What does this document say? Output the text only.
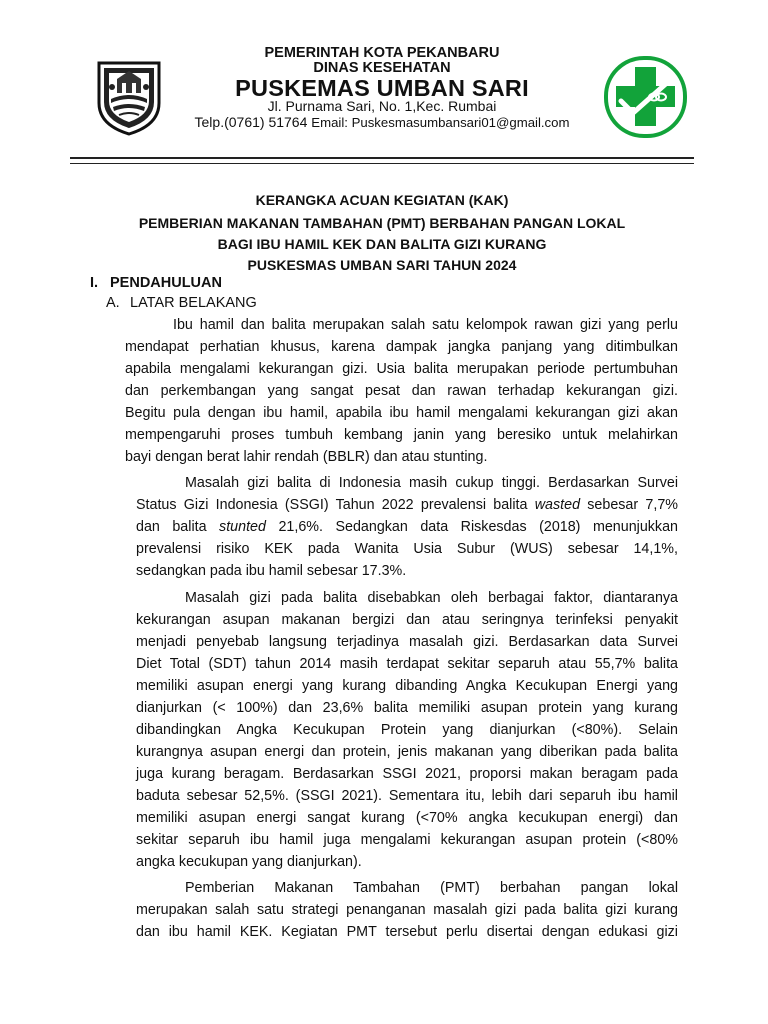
PEMERINTAH KOTA PEKANBARU
DINAS KESEHATAN
PUSKEMAS UMBAN SARI
Jl. Purnama Sari, No. 1,Kec. Rumbai
Telp.(0761) 51764 Email: Puskesmasumbansari01@gmail.com
KERANGKA ACUAN KEGIATAN (KAK)
PEMBERIAN MAKANAN TAMBAHAN (PMT) BERBAHAN PANGAN LOKAL
BAGI IBU HAMIL KEK DAN BALITA GIZI KURANG
PUSKESMAS UMBAN SARI TAHUN 2024
I. PENDAHULUAN
A. LATAR BELAKANG
Ibu hamil dan balita merupakan salah satu kelompok rawan gizi yang perlu
mendapat perhatian khusus, karena dampak jangka panjang yang ditimbulkan
apabila mengalami kekurangan gizi. Usia balita merupakan periode pertumbuhan
dan perkembangan yang sangat pesat dan rawan terhadap kekurangan gizi.
Begitu pula dengan ibu hamil, apabila ibu hamil mengalami kekurangan gizi akan
mempengaruhi proses tumbuh kembang janin yang beresiko untuk melahirkan
bayi dengan berat lahir rendah (BBLR) dan atau stunting.
Masalah gizi balita di Indonesia masih cukup tinggi. Berdasarkan Survei
Status Gizi Indonesia (SSGI) Tahun 2022 prevalensi balita wasted sebesar 7,7%
dan balita stunted 21,6%. Sedangkan data Riskesdas (2018) menunjukkan
prevalensi risiko KEK pada Wanita Usia Subur (WUS) sebesar 14,1%,
sedangkan pada ibu hamil sebesar 17.3%.
Masalah gizi pada balita disebabkan oleh berbagai faktor, diantaranya
kekurangan asupan makanan bergizi dan atau seringnya terinfeksi penyakit
menjadi penyebab langsung terjadinya masalah gizi. Berdasarkan data Survei
Diet Total (SDT) tahun 2014 masih terdapat sekitar separuh atau 55,7% balita
memiliki asupan energi yang kurang dibanding Angka Kecukupan Energi yang
dianjurkan (< 100%) dan 23,6% balita memiliki asupan protein yang kurang
dibandingkan Angka Kecukupan Protein yang dianjurkan (<80%). Selain
kurangnya asupan energi dan protein, jenis makanan yang diberikan pada balita
juga kurang beragam. Berdasarkan SSGI 2021, proporsi makan beragam pada
baduta sebesar 52,5%. (SSGI 2021). Sementara itu, lebih dari separuh ibu hamil
memiliki asupan energi sangat kurang (<70% angka kecukupan energi) dan
sekitar separuh ibu hamil juga mengalami kekurangan asupan protein (<80%
angka kecukupan yang dianjurkan).
Pemberian Makanan Tambahan (PMT) berbahan pangan lokal
merupakan salah satu strategi penanganan masalah gizi pada balita gizi kurang
dan ibu hamil KEK. Kegiatan PMT tersebut perlu disertai dengan edukasi gizi
